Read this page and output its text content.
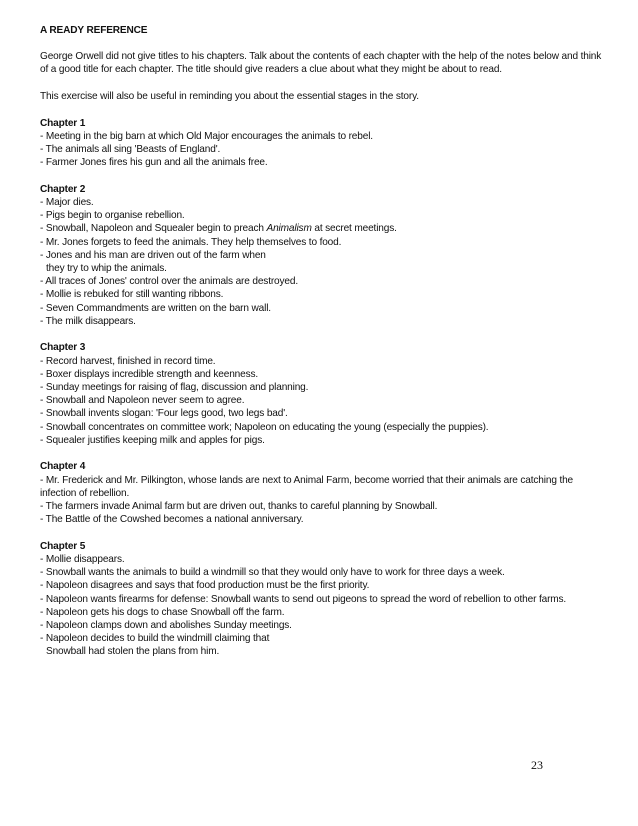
A READY REFERENCE
George Orwell did not give titles to his chapters. Talk about the contents of each chapter with the help of the notes below and think of a good title for each chapter. The title should give readers a clue about what they might be about to read.
This exercise will also be useful in reminding you about the essential stages in the story.
Chapter 1
- Meeting in the big barn at which Old Major encourages the animals to rebel.
- The animals all sing 'Beasts of England'.
- Farmer Jones fires his gun and all the animals free.
Chapter 2
- Major dies.
- Pigs begin to organise rebellion.
- Snowball, Napoleon and Squealer begin to preach Animalism at secret meetings.
- Mr. Jones forgets to feed the animals. They help themselves to food.
- Jones and his man are driven out of the farm when
they try to whip the animals.
- All traces of Jones' control over the animals are destroyed.
- Mollie is rebuked for still wanting ribbons.
- Seven Commandments are written on the barn wall.
- The milk disappears.
Chapter 3
- Record harvest, finished in record time.
- Boxer displays incredible strength and keenness.
- Sunday meetings for raising of flag, discussion and planning.
- Snowball and Napoleon never seem to agree.
- Snowball invents slogan: 'Four legs good, two legs bad'.
- Snowball concentrates on committee work; Napoleon on educating the young (especially the puppies).
- Squealer justifies keeping milk and apples for pigs.
Chapter 4
- Mr. Frederick and Mr. Pilkington, whose lands are next to Animal Farm, become worried that their animals are catching the infection of rebellion.
- The farmers invade Animal farm but are driven out, thanks to careful planning by Snowball.
- The Battle of the Cowshed becomes a national anniversary.
Chapter 5
- Mollie disappears.
- Snowball wants the animals to build a windmill so that they would only have to work for three days a week.
- Napoleon disagrees and says that food production must be the first priority.
- Napoleon wants firearms for defense: Snowball wants to send out pigeons to spread the word of rebellion to other farms.
- Napoleon gets his dogs to chase Snowball off the farm.
- Napoleon clamps down and abolishes Sunday meetings.
- Napoleon decides to build the windmill claiming that
Snowball had stolen the plans from him.
23
